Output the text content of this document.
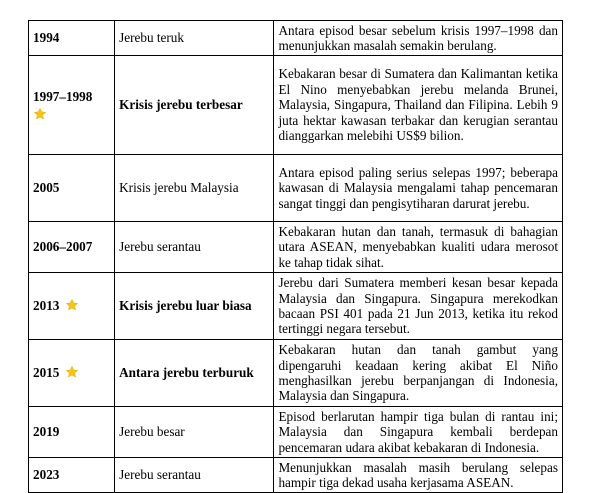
1994	Jerebu teruk	Antara episod besar sebelum krisis 1997–1998 dan menunjukkan masalah semakin berulang.

1997–1998	Krisis jerebu terbesar	Kebakaran besar di Sumatera dan Kalimantan ketika El Nino menyebabkan jerebu melanda Brunei, Malaysia, Singapura, Thailand dan Filipina. Lebih 9 juta hektar kawasan terbakar dan kerugian serantau dianggarkan melebihi US$9 bilion.
2005	Krisis jerebu Malaysia	Antara episod paling serius selepas 1997; beberapa kawasan di Malaysia mengalami tahap pencemaran sangat tinggi dan pengisytiharan darurat jerebu.
2006–2007	Jerebu serantau	Kebakaran hutan dan tanah, termasuk di bahagian utara ASEAN, menyebabkan kualiti udara merosot ke tahap tidak sihat.
2013	Krisis jerebu luar biasa	Jerebu dari Sumatera memberi kesan besar kepada Malaysia dan Singapura. Singapura merekodkan bacaan PSI 401 pada 21 Jun 2013, ketika itu rekod tertinggi negara tersebut.
2015	Antara jerebu terburuk	Kebakaran hutan dan tanah gambut yang dipengaruhi keadaan kering akibat El Niño menghasilkan jerebu berpanjangan di Indonesia, Malaysia dan Singapura.
2019	Jerebu besar	Episod berlarutan hampir tiga bulan di rantau ini; Malaysia dan Singapura kembali berdepan pencemaran udara akibat kebakaran di Indonesia.
2023	Jerebu serantau	Menunjukkan masalah masih berulang selepas hampir tiga dekad usaha kerjasama ASEAN.
